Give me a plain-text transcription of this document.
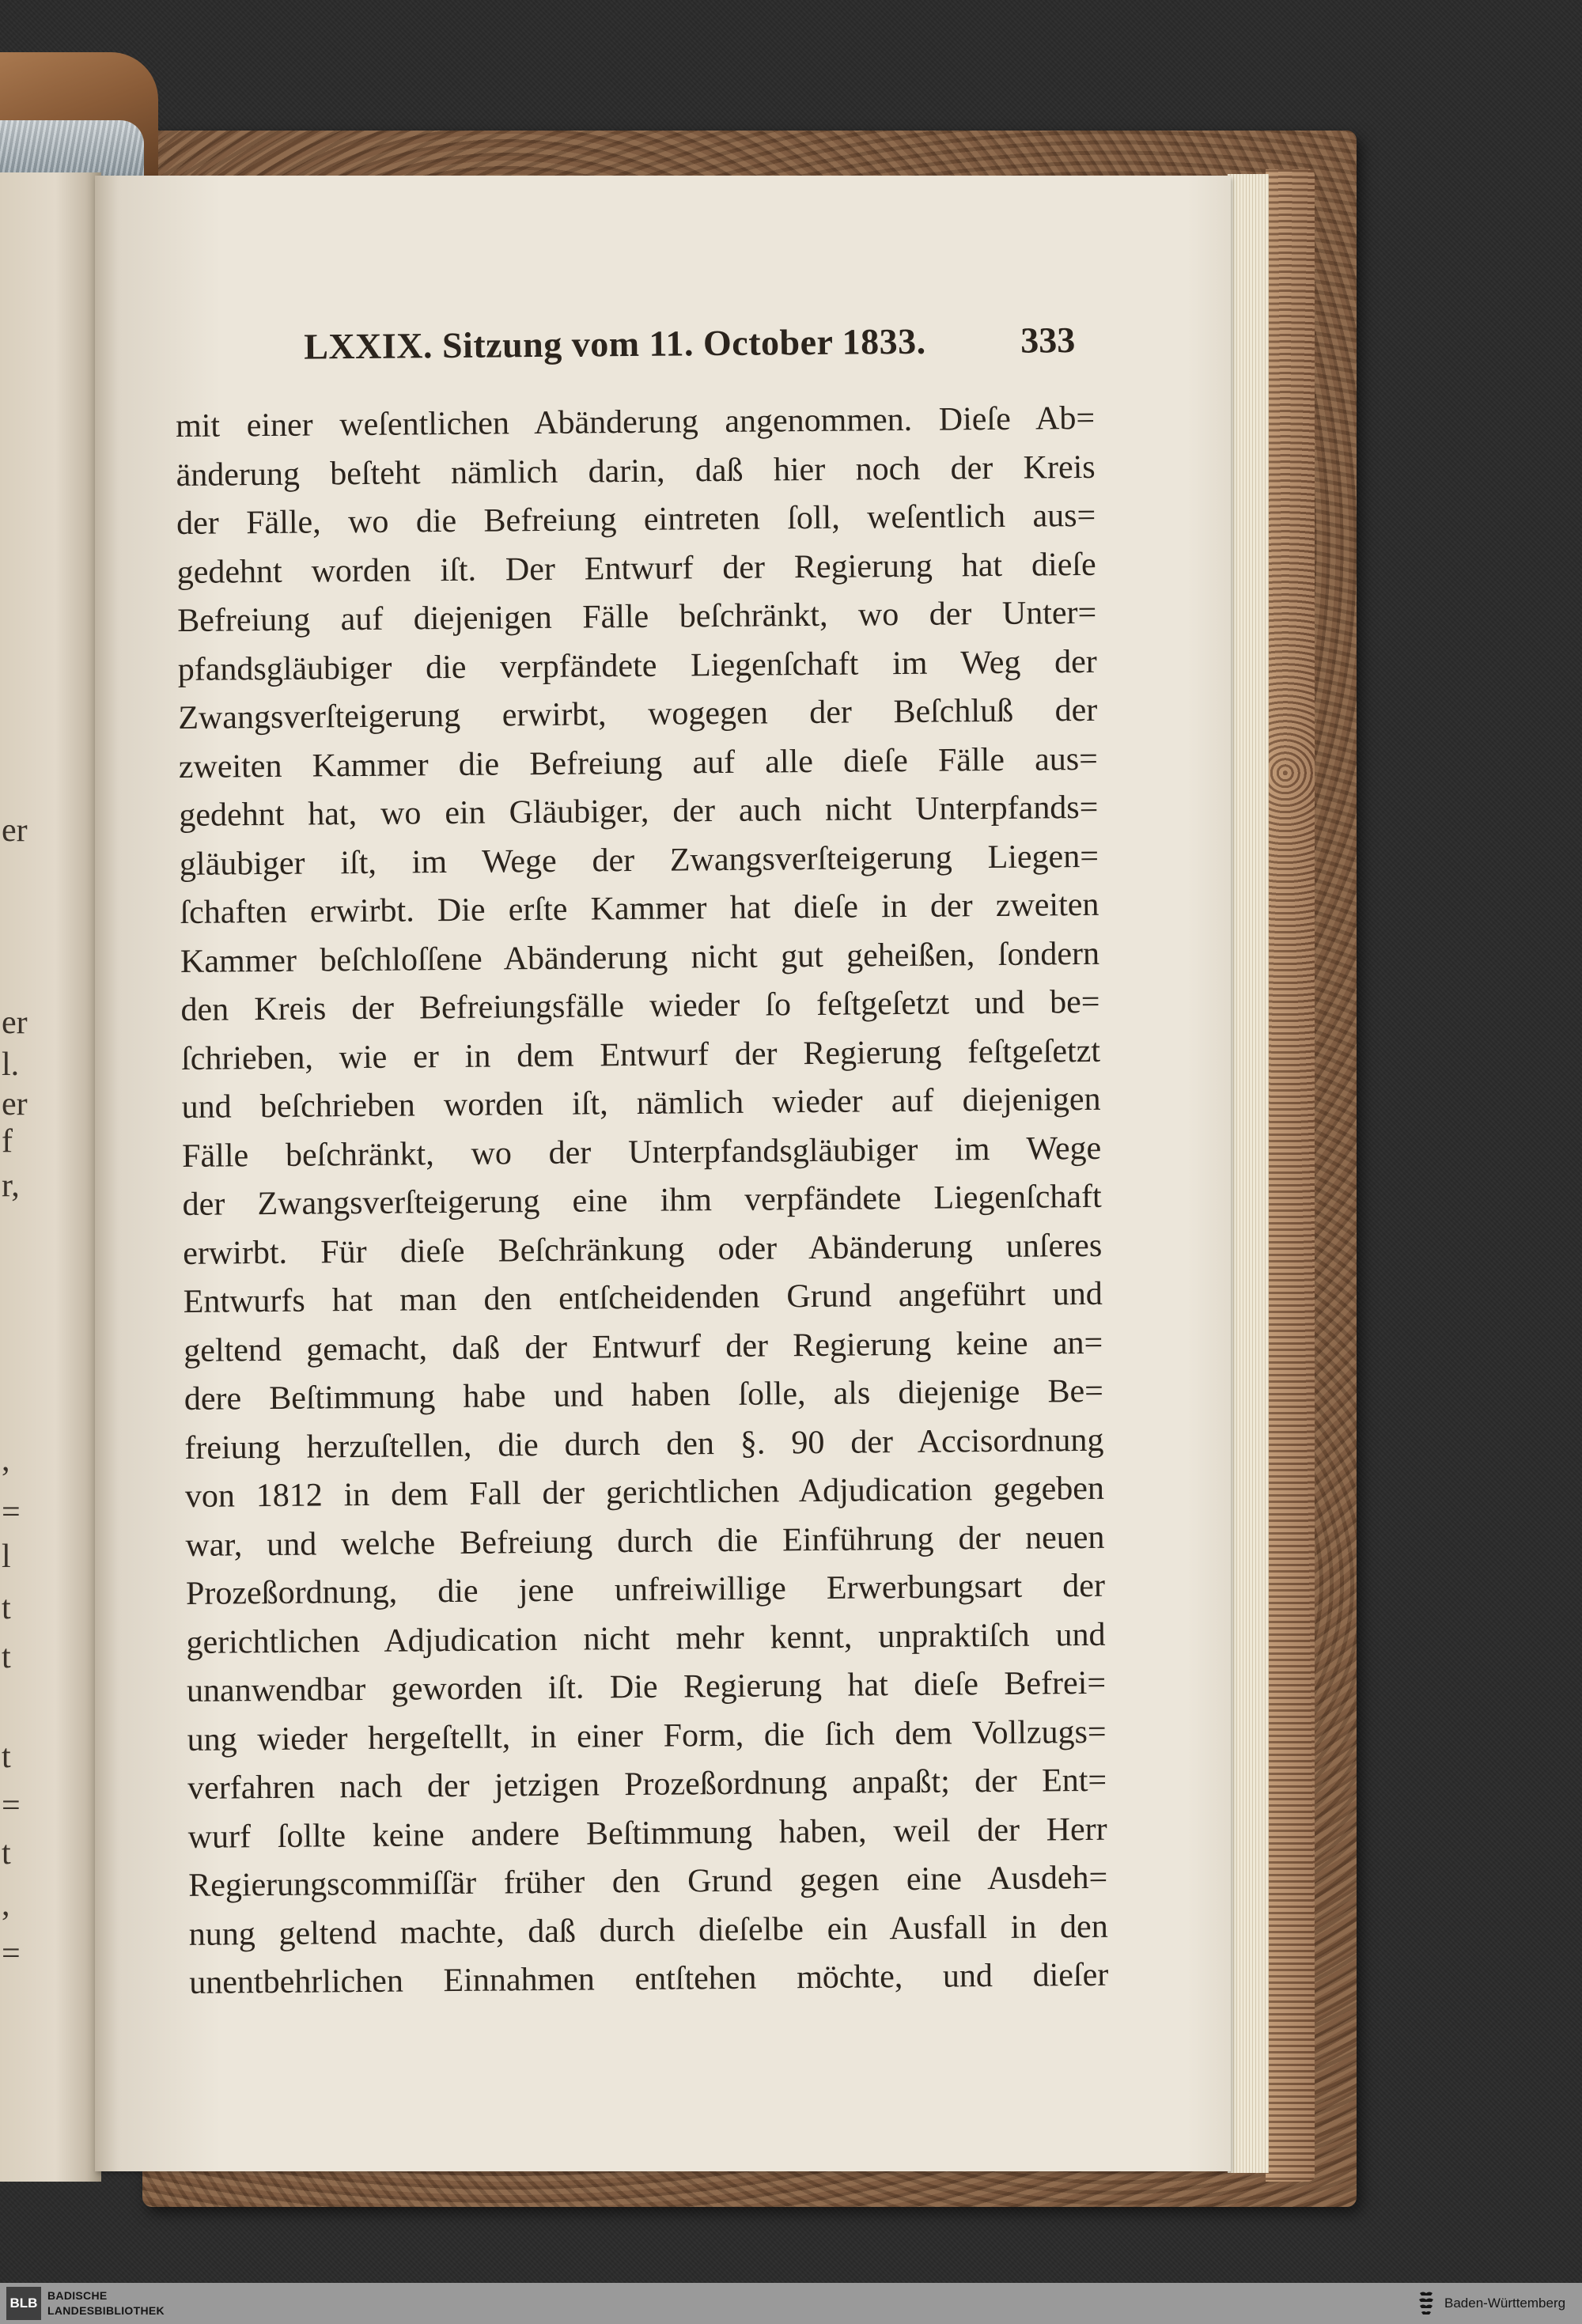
er
er
l.
er
f
r,
,
=
l
t
t
t
=
t
,
=
LXXIX. Sitzung vom 11. October 1833.	333
mit einer weſentlichen Abänderung angenommen. Dieſe Ab=
änderung beſteht nämlich darin, daß hier noch der Kreis
der Fälle, wo die Befreiung eintreten ſoll, weſentlich aus=
gedehnt worden iſt. Der Entwurf der Regierung hat dieſe
Befreiung auf diejenigen Fälle beſchränkt, wo der Unter=
pfandsgläubiger die verpfändete Liegenſchaft im Weg der
Zwangsverſteigerung erwirbt, wogegen der Beſchluß der
zweiten Kammer die Befreiung auf alle dieſe Fälle aus=
gedehnt hat, wo ein Gläubiger, der auch nicht Unterpfands=
gläubiger iſt, im Wege der Zwangsverſteigerung Liegen=
ſchaften erwirbt. Die erſte Kammer hat dieſe in der zweiten
Kammer beſchloſſene Abänderung nicht gut geheißen, ſondern
den Kreis der Befreiungsfälle wieder ſo feſtgeſetzt und be=
ſchrieben, wie er in dem Entwurf der Regierung feſtgeſetzt
und beſchrieben worden iſt, nämlich wieder auf diejenigen
Fälle beſchränkt, wo der Unterpfandsgläubiger im Wege
der Zwangsverſteigerung eine ihm verpfändete Liegenſchaft
erwirbt. Für dieſe Beſchränkung oder Abänderung unſeres
Entwurfs hat man den entſcheidenden Grund angeführt und
geltend gemacht, daß der Entwurf der Regierung keine an=
dere Beſtimmung habe und haben ſolle, als diejenige Be=
freiung herzuſtellen, die durch den §. 90 der Accisordnung
von 1812 in dem Fall der gerichtlichen Adjudication gegeben
war, und welche Befreiung durch die Einführung der neuen
Prozeßordnung, die jene unfreiwillige Erwerbungsart der
gerichtlichen Adjudication nicht mehr kennt, unpraktiſch und
unanwendbar geworden iſt. Die Regierung hat dieſe Befrei=
ung wieder hergeſtellt, in einer Form, die ſich dem Vollzugs=
verfahren nach der jetzigen Prozeßordnung anpaßt; der Ent=
wurf ſollte keine andere Beſtimmung haben, weil der Herr
Regierungscommiſſär früher den Grund gegen eine Ausdeh=
nung geltend machte, daß durch dieſelbe ein Ausfall in den
unentbehrlichen Einnahmen entſtehen möchte, und dieſer
BLB BADISCHE
LANDESBIBLIOTHEK	Baden-Württemberg
